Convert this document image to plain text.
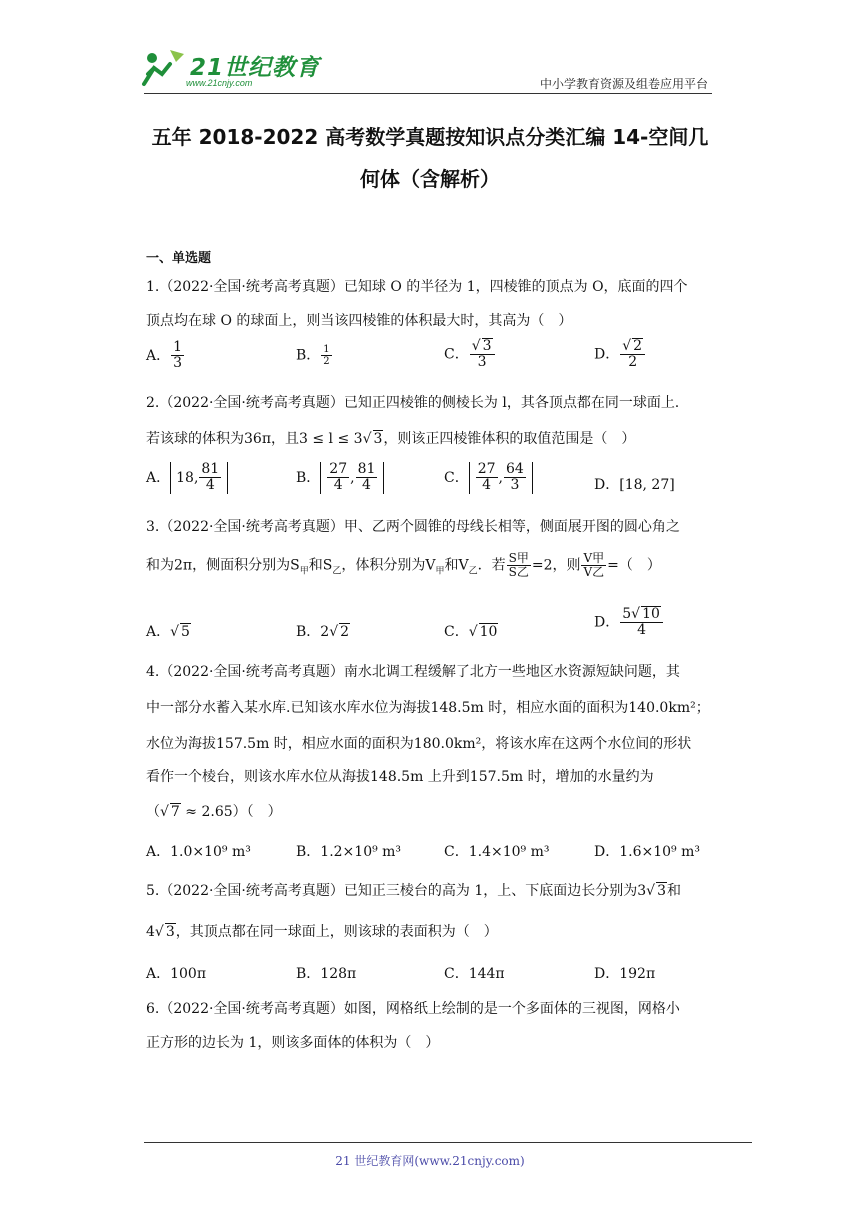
21世纪教育
www.21cnjy.com	中小学教育资源及组卷应用平台
五年 2018-2022 高考数学真题按知识点分类汇编 14-空间几
何体（含解析）
一、单选题
1.（2022·全国·统考高考真题）已知球 O 的半径为 1，四棱锥的顶点为 O，底面的四个
顶点均在球 O 的球面上，则当该四棱锥的体积最大时，其高为（　）
A． $\frac{1}{3}$	B． $\frac{1}{2}$	C． $\frac{√ 3}{3}$	D． $\frac{√ 2}{2}$
2.（2022·全国·统考高考真题）已知正四棱锥的侧棱长为 l，其各顶点都在同一球面上.
若该球的体积为36π，且3 ≤ l ≤ 3√ 3，则该正四棱锥体积的取值范围是（　）
A． 18, $\frac{81}{4}$	B． $\frac{27}{4}$ , $\frac{81}{4}$	C． $\frac{27}{4}$ , $\frac{64}{3}$	D．[18, 27]
3.（2022·全国·统考高考真题）甲、乙两个圆锥的母线长相等，侧面展开图的圆心角之
和为2π，侧面积分别为$S_甲$和$S_乙$，体积分别为$V_甲$和$V_乙$．若 $\frac{\text{S甲}}{\text{S乙}} =2$，则 $\frac{\text{V甲}}{\text{V乙}}$ =（　）
A．√ 5	B．2√ 2	C．√ 10
D． $\frac{5√ 10}{4}$
4.（2022·全国·统考高考真题）南水北调工程缓解了北方一些地区水资源短缺问题，其
中一部分水蓄入某水库.已知该水库水位为海拔148.5m 时，相应水面的面积为140.0km²；
水位为海拔157.5m 时，相应水面的面积为180.0km²，将该水库在这两个水位间的形状
看作一个棱台，则该水库水位从海拔148.5m 上升到157.5m 时，增加的水量约为
（√ 7 ≈ 2.65）（　）
A．1.0×10⁹ m³	B．1.2×10⁹ m³	C．1.4×10⁹ m³	D．1.6×10⁹ m³
5.（2022·全国·统考高考真题）已知正三棱台的高为 1，上、下底面边长分别为3√ 3和
4√ 3，其顶点都在同一球面上，则该球的表面积为（　）
A．100π	B．128π	C．144π	D．192π
6.（2022·全国·统考高考真题）如图，网格纸上绘制的是一个多面体的三视图，网格小
正方形的边长为 1，则该多面体的体积为（　）
21 世纪教育网(www.21cnjy.com)
